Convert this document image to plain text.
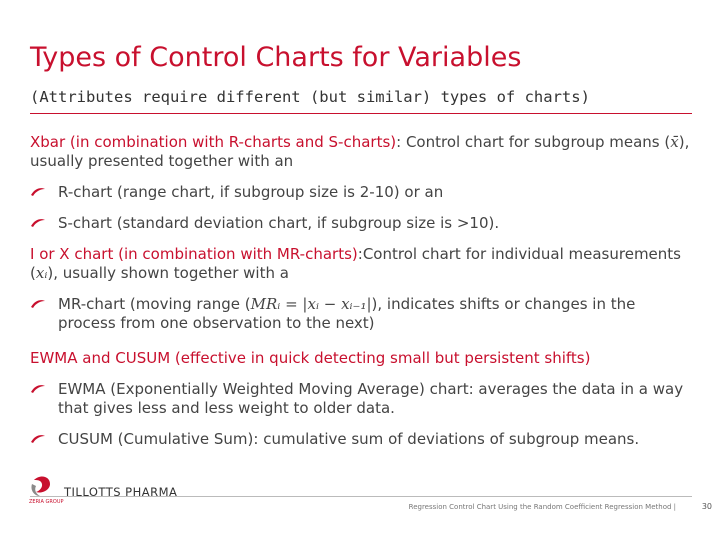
Types of Control Charts for Variables
(Attributes require different (but similar) types of charts)

Xbar (in combination with R-charts and S-charts): Control chart for subgroup means (x̄), usually presented together with an

R-chart (range chart, if subgroup size is 2-10) or an
S-chart (standard deviation chart, if subgroup size is >10).

I or X chart (in combination with MR-charts):Control chart for individual measurements (xᵢ), usually shown together with a

MR-chart (moving range (MRᵢ = |xᵢ − xᵢ₋₁|), indicates shifts or changes in the process from one observation to the next)

EWMA and CUSUM (effective in quick detecting small but persistent shifts)

EWMA (Exponentially Weighted Moving Average) chart: averages the data in a way that gives less and less weight to older data.
CUSUM (Cumulative Sum): cumulative sum of deviations of subgroup means.
TILLOTTS PHARMA
ZERIA GROUP
Regression Control Chart Using the Random Coefficient Regression Method |	30
